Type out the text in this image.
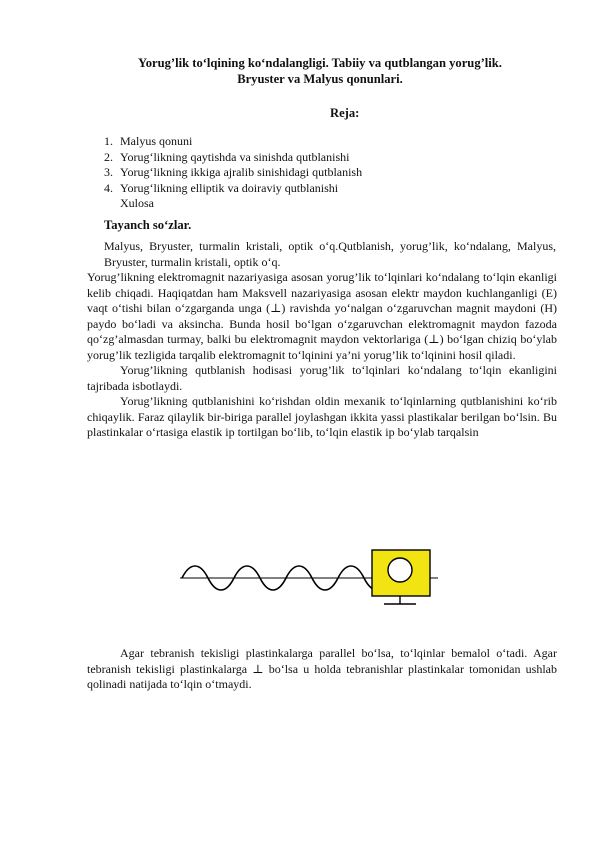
Yorug’lik to‘lqining ko‘ndalangligi. Tabiiy va qutblangan yorug’lik.
Bryuster va Malyus qonunlari.
Reja:
1. Malyus qonuni
2. Yorug‘likning qaytishda va sinishda qutblanishi
3. Yorug‘likning ikkiga ajralib sinishidagi qutblanish
4. Yorug‘likning elliptik va doiraviy qutblanishi
Xulosa
Tayanch so‘zlar.

Malyus, Bryuster, turmalin kristali, optik o‘q.Qutblanish, yorug’lik, ko‘ndalang, Malyus, Bryuster, turmalin kristali, optik o‘q.

Yorug’likning elektromagnit nazariyasiga asosan yorug’lik to‘lqinlari ko‘ndalang to‘lqin ekanligi kelib chiqadi. Haqiqatdan ham Maksvell nazariyasiga asosan elektr maydon kuchlanganligi (E) vaqt o‘tishi bilan o‘zgarganda unga (⊥) ravishda yo‘nalgan o‘zgaruvchan magnit maydoni (H) paydo bo‘ladi va aksincha. Bunda hosil bo‘lgan o‘zgaruvchan elektromagnit maydon fazoda qo‘zg’almasdan turmay, balki bu elektromagnit maydon vektorlariga (⊥) bo‘lgan chiziq bo‘ylab yorug’lik tezligida tarqalib elektromagnit to‘lqinini ya’ni yorug’lik to‘lqinini hosil qiladi.

Yorug’likning qutblanish hodisasi yorug’lik to‘lqinlari ko‘ndalang to‘lqin ekanligini tajribada isbotlaydi.

Yorug’likning qutblanishini ko‘rishdan oldin mexanik to‘lqinlarning qutblanishini ko‘rib chiqaylik. Faraz qilaylik bir-biriga parallel joylashgan ikkita yassi plastikalar berilgan bo‘lsin. Bu plastinkalar o‘rtasiga elastik ip tortilgan bo‘lib, to‘lqin elastik ip bo‘ylab tarqalsin

Agar tebranish tekisligi plastinkalarga parallel bo‘lsa, to‘lqinlar bemalol o‘tadi. Agar tebranish tekisligi plastinkalarga ⊥ bo‘lsa u holda tebranishlar plastinkalar tomonidan ushlab qolinadi natijada to‘lqin o‘tmaydi.
